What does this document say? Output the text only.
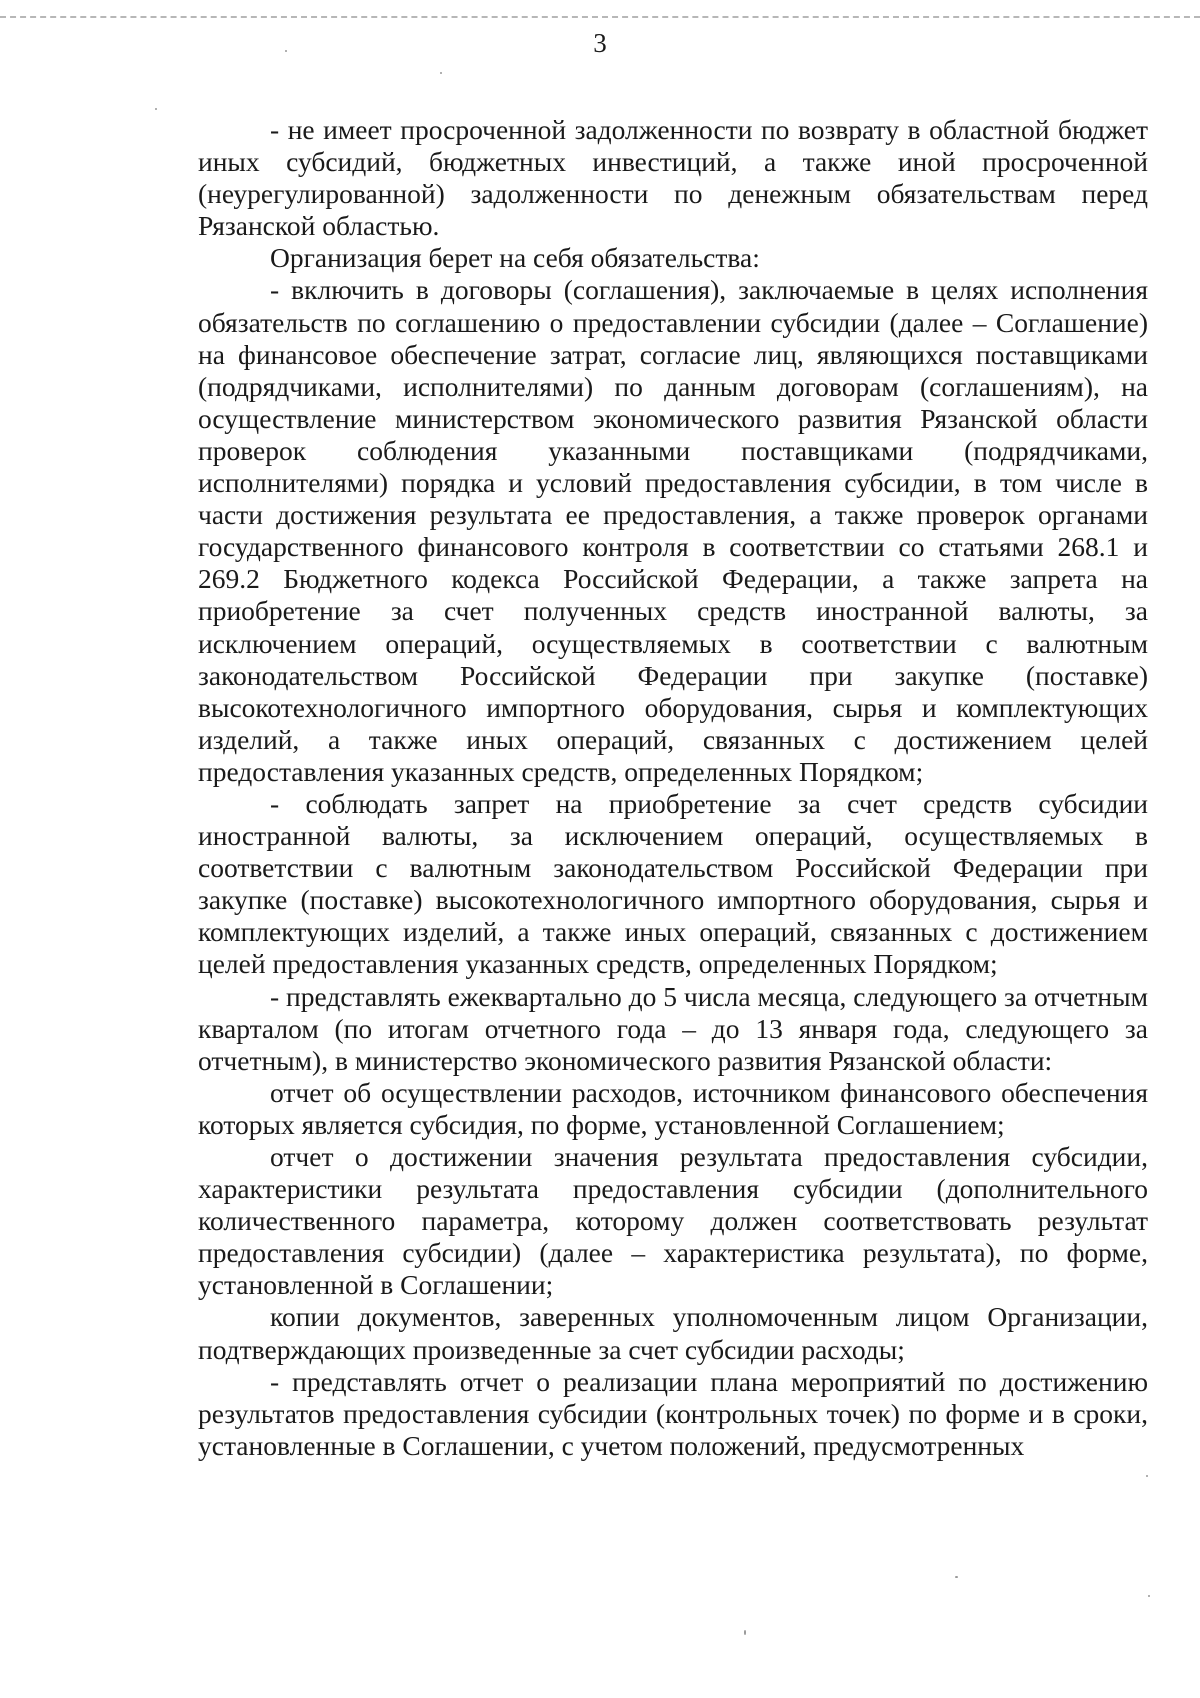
3

- не имеет просроченной задолженности по возврату в областной бюджет иных субсидий, бюджетных инвестиций, а также иной просроченной (неурегулированной) задолженности по денежным обязательствам перед Рязанской областью.

Организация берет на себя обязательства:

- включить в договоры (соглашения), заключаемые в целях исполнения обязательств по соглашению о предоставлении субсидии (далее – Соглашение) на финансовое обеспечение затрат, согласие лиц, являющихся поставщиками (подрядчиками, исполнителями) по данным договорам (соглашениям), на осуществление министерством экономического развития Рязанской области проверок соблюдения указанными поставщиками (подрядчиками, исполнителями) порядка и условий предоставления субсидии, в том числе в части достижения результата ее предоставления, а также проверок органами государственного финансового контроля в соответствии со статьями 268.1 и 269.2 Бюджетного кодекса Российской Федерации, а также запрета на приобретение за счет полученных средств иностранной валюты, за исключением операций, осуществляемых в соответствии с валютным законодательством Российской Федерации при закупке (поставке) высокотехнологичного импортного оборудования, сырья и комплектующих изделий, а также иных операций, связанных с достижением целей предоставления указанных средств, определенных Порядком;

- соблюдать запрет на приобретение за счет средств субсидии иностранной валюты, за исключением операций, осуществляемых в соответствии с валютным законодательством Российской Федерации при закупке (поставке) высокотехнологичного импортного оборудования, сырья и комплектующих изделий, а также иных операций, связанных с достижением целей предоставления указанных средств, определенных Порядком;

- представлять ежеквартально до 5 числа месяца, следующего за отчетным кварталом (по итогам отчетного года – до 13 января года, следующего за отчетным), в министерство экономического развития Рязанской области:

отчет об осуществлении расходов, источником финансового обеспечения которых является субсидия, по форме, установленной Соглашением;

отчет о достижении значения результата предоставления субсидии, характеристики результата предоставления субсидии (дополнительного количественного параметра, которому должен соответствовать результат предоставления субсидии) (далее – характеристика результата), по форме, установленной в Соглашении;

копии документов, заверенных уполномоченным лицом Организации, подтверждающих произведенные за счет субсидии расходы;

- представлять отчет о реализации плана мероприятий по достижению результатов предоставления субсидии (контрольных точек) по форме и в сроки, установленные в Соглашении, с учетом положений, предусмотренных
